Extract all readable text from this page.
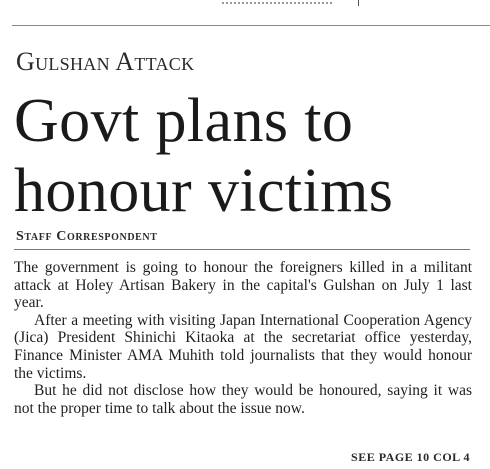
Gulshan Attack
Govt plans to
honour victims
Staff Correspondent

The government is going to honour the foreigners killed in a militant attack at Holey Artisan Bakery in the capital's Gulshan on July 1 last year.

After a meeting with visiting Japan International Cooperation Agency (Jica) President Shinichi Kitaoka at the secretariat office yesterday, Finance Minister AMA Muhith told journalists that they would honour the victims.

But he did not disclose how they would be honoured, saying it was not the proper time to talk about the issue now.

SEE PAGE 10 COL 4
